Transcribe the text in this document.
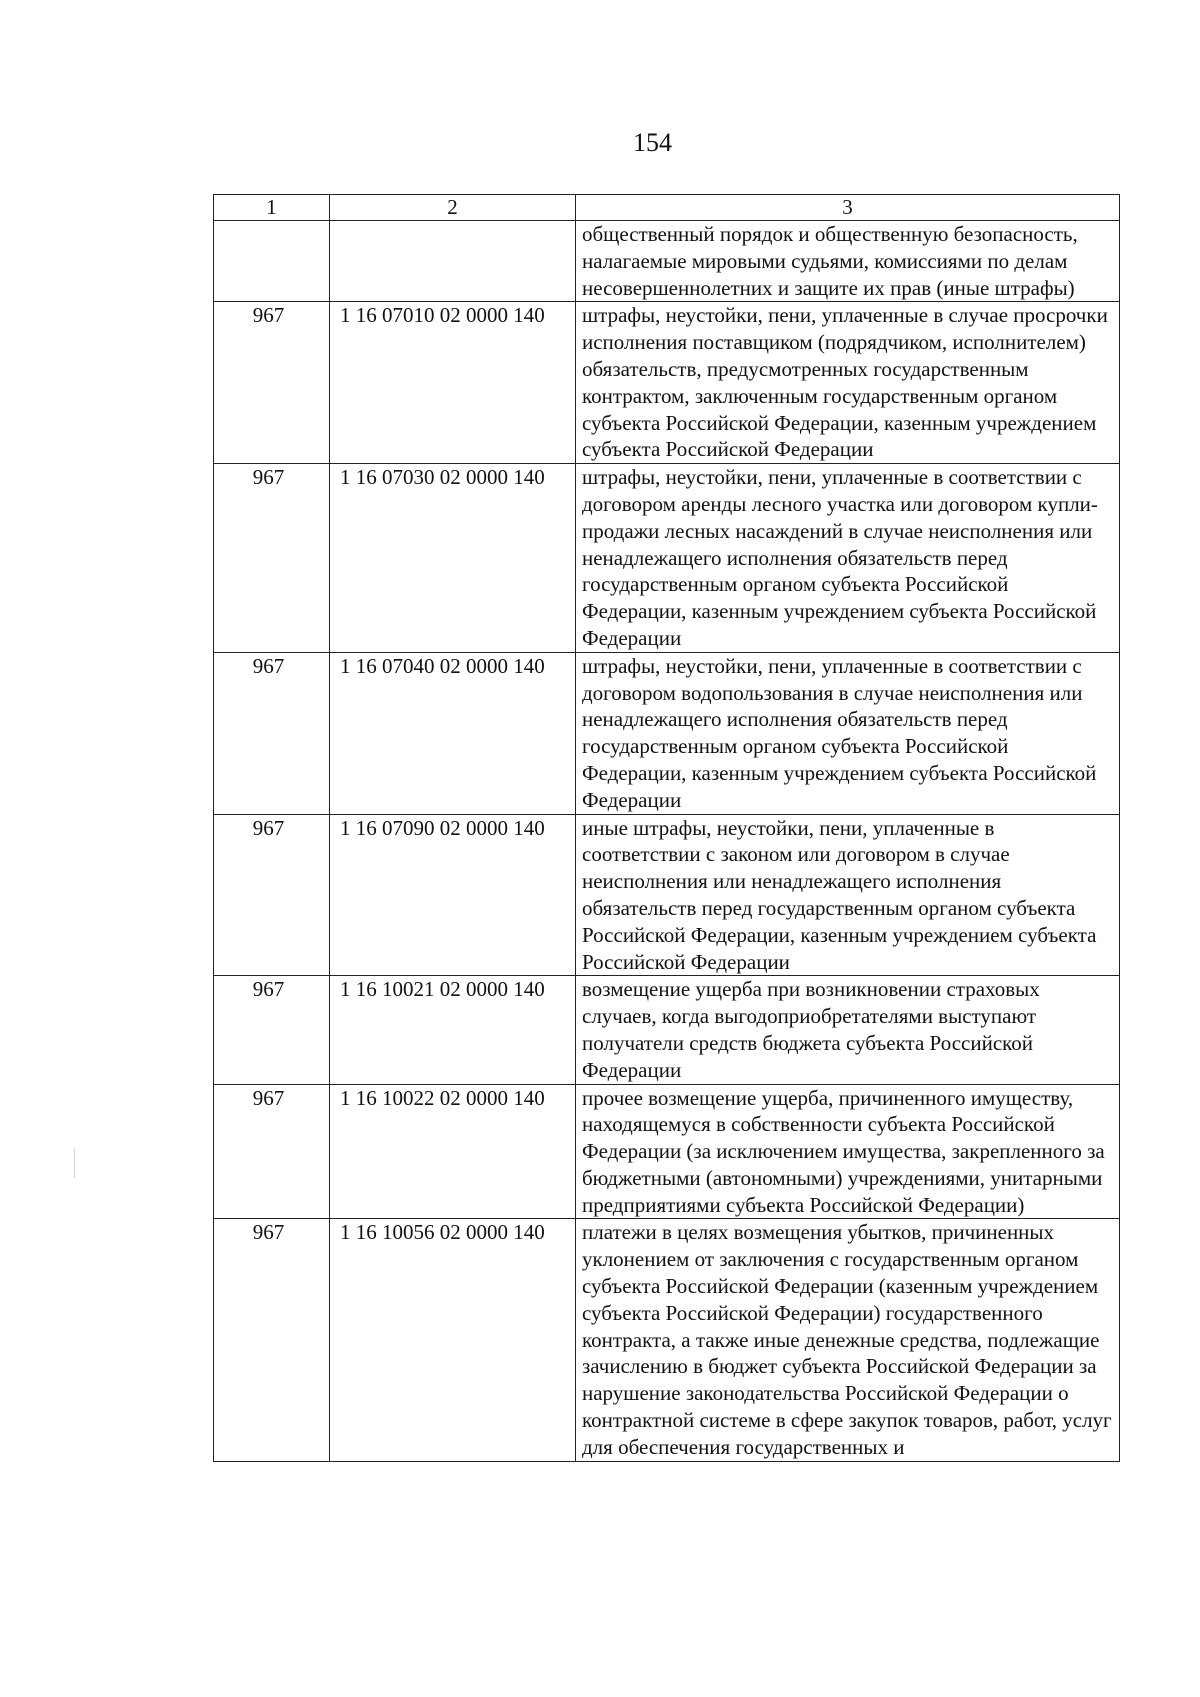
154
1	2	3
		общественный порядок и общественную безопасность, налагаемые мировыми судьями, комиссиями по делам несовершеннолетних и защите их прав (иные штрафы)
967	1 16 07010 02 0000 140	штрафы, неустойки, пени, уплаченные в случае просрочки исполнения поставщиком (подрядчиком, исполнителем) обязательств, предусмотренных государственным контрактом, заключенным государственным органом субъекта Российской Федерации, казенным учреждением субъекта Российской Федерации
967	1 16 07030 02 0000 140	штрафы, неустойки, пени, уплаченные в соответствии с договором аренды лесного участка или договором купли-продажи лесных насаждений в случае неисполнения или ненадлежащего исполнения обязательств перед государственным органом субъекта Российской Федерации, казенным учреждением субъекта Российской Федерации
967	1 16 07040 02 0000 140	штрафы, неустойки, пени, уплаченные в соответствии с договором водопользования в случае неисполнения или ненадлежащего исполнения обязательств перед государственным органом субъекта Российской Федерации, казенным учреждением субъекта Российской Федерации
967	1 16 07090 02 0000 140	иные штрафы, неустойки, пени, уплаченные в соответствии с законом или договором в случае неисполнения или ненадлежащего исполнения обязательств перед государственным органом субъекта Российской Федерации, казенным учреждением субъекта Российской Федерации
967	1 16 10021 02 0000 140	возмещение ущерба при возникновении страховых случаев, когда выгодоприобретателями выступают получатели средств бюджета субъекта Российской Федерации
967	1 16 10022 02 0000 140	прочее возмещение ущерба, причиненного имуществу, находящемуся в собственности субъекта Российской Федерации (за исключением имущества, закрепленного за бюджетными (автономными) учреждениями, унитарными предприятиями субъекта Российской Федерации)
967	1 16 10056 02 0000 140	платежи в целях возмещения убытков, причиненных уклонением от заключения с государственным органом субъекта Российской Федерации (казенным учреждением субъекта Российской Федерации) государственного контракта, а также иные денежные средства, подлежащие зачислению в бюджет субъекта Российской Федерации за нарушение законодательства Российской Федерации о контрактной системе в сфере закупок товаров, работ, услуг для обеспечения государственных и
